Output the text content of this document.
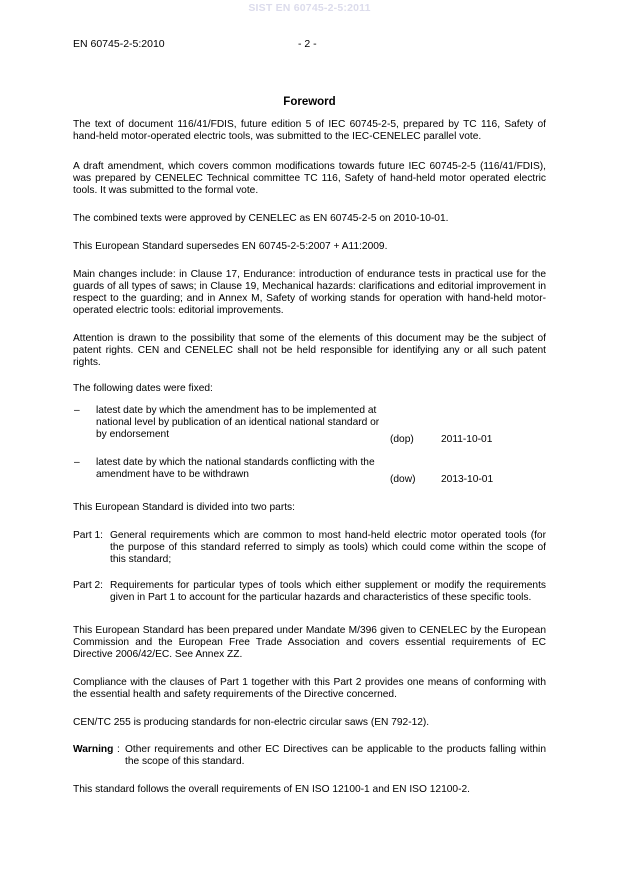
SIST EN 60745-2-5:2011
EN 60745-2-5:2010	- 2 -
Foreword
The text of document 116/41/FDIS, future edition 5 of IEC 60745-2-5, prepared by TC 116, Safety of hand-held motor-operated electric tools, was submitted to the IEC-CENELEC parallel vote.
A draft amendment, which covers common modifications towards future IEC 60745-2-5 (116/41/FDIS), was prepared by CENELEC Technical committee TC 116, Safety of hand-held motor operated electric tools. It was submitted to the formal vote.
The combined texts were approved by CENELEC as EN 60745-2-5 on 2010-10-01.
This European Standard supersedes EN 60745-2-5:2007 + A11:2009.
Main changes include: in Clause 17, Endurance: introduction of endurance tests in practical use for the guards of all types of saws; in Clause 19, Mechanical hazards: clarifications and editorial improvement in respect to the guarding; and in Annex M, Safety of working stands for operation with hand-held motor-operated electric tools: editorial improvements.
Attention is drawn to the possibility that some of the elements of this document may be the subject of patent rights. CEN and CENELEC shall not be held responsible for identifying any or all such patent rights.
The following dates were fixed:
– latest date by which the amendment has to be implemented at national level by publication of an identical national standard or by endorsement	(dop)	2011-10-01
– latest date by which the national standards conflicting with the amendment have to be withdrawn	(dow)	2013-10-01
This European Standard is divided into two parts:
Part 1: General requirements which are common to most hand-held electric motor operated tools (for the purpose of this standard referred to simply as tools) which could come within the scope of this standard;
Part 2: Requirements for particular types of tools which either supplement or modify the requirements given in Part 1 to account for the particular hazards and characteristics of these specific tools.
This European Standard has been prepared under Mandate M/396 given to CENELEC by the European Commission and the European Free Trade Association and covers essential requirements of EC Directive 2006/42/EC. See Annex ZZ.
Compliance with the clauses of Part 1 together with this Part 2 provides one means of conforming with the essential health and safety requirements of the Directive concerned.
CEN/TC 255 is producing standards for non-electric circular saws (EN 792-12).
Warning : Other requirements and other EC Directives can be applicable to the products falling within the scope of this standard.
This standard follows the overall requirements of EN ISO 12100-1 and EN ISO 12100-2.
